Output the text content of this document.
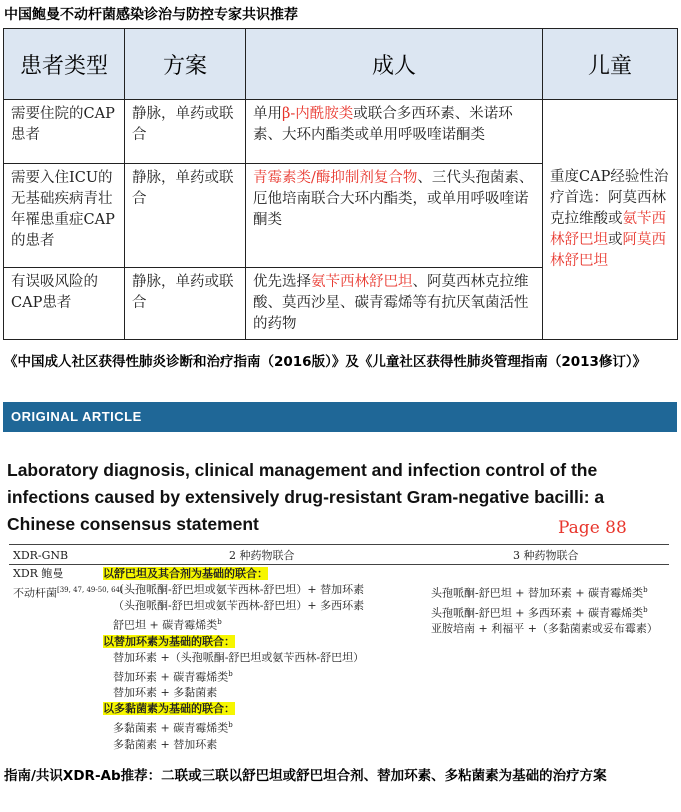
中国鲍曼不动杆菌感染诊治与防控专家共识推荐
患者类型	方案	成人	儿童
需要住院的CAP患者	静脉，单药或联合	单用β-内酰胺类或联合多西环素、米诺环素、大环内酯类或单用呼吸喹诺酮类	重度CAP经验性治疗首选：阿莫西林克拉维酸或氨苄西林舒巴坦或阿莫西林舒巴坦
需要入住ICU的无基础疾病青壮年罹患重症CAP的患者	静脉，单药或联合	青霉素类/酶抑制剂复合物、三代头孢菌素、厄他培南联合大环内酯类，或单用呼吸喹诺酮类	
有误吸风险的CAP患者	静脉，单药或联合	优先选择氨苄西林舒巴坦、阿莫西林克拉维酸、莫西沙星、碳青霉烯等有抗厌氧菌活性的药物	
《中国成人社区获得性肺炎诊断和治疗指南（2016版）》及《儿童社区获得性肺炎管理指南（2013修订）》
ORIGINAL ARTICLE
Laboratory diagnosis, clinical management and infection control of the infections caused by extensively drug-resistant Gram-negative bacilli: a Chinese consensus statement	Page 88
XDR-GNB	2 种药物联合	3 种药物联合
XDR 鲍曼
不动杆菌[39, 47, 49-50, 64]
以舒巴坦及其合剂为基础的联合：
（头孢哌酮-舒巴坦或氨苄西林-舒巴坦）+ 替加环素
（头孢哌酮-舒巴坦或氨苄西林-舒巴坦）+ 多西环素
舒巴坦 + 碳青霉烯类$^b$
以替加环素为基础的联合：
替加环素 +（头孢哌酮-舒巴坦或氨苄西林-舒巴坦）
替加环素 + 碳青霉烯类$^b$
替加环素 + 多黏菌素
以多黏菌素为基础的联合：
多黏菌素 + 碳青霉烯类$^b$
多黏菌素 + 替加环素
头孢哌酮-舒巴坦 + 替加环素 + 碳青霉烯类$^b$
头孢哌酮-舒巴坦 + 多西环素 + 碳青霉烯类$^b$
亚胺培南 + 利福平 +（多黏菌素或妥布霉素）
指南/共识XDR-Ab推荐：二联或三联以舒巴坦或舒巴坦合剂、替加环素、多粘菌素为基础的治疗方案
